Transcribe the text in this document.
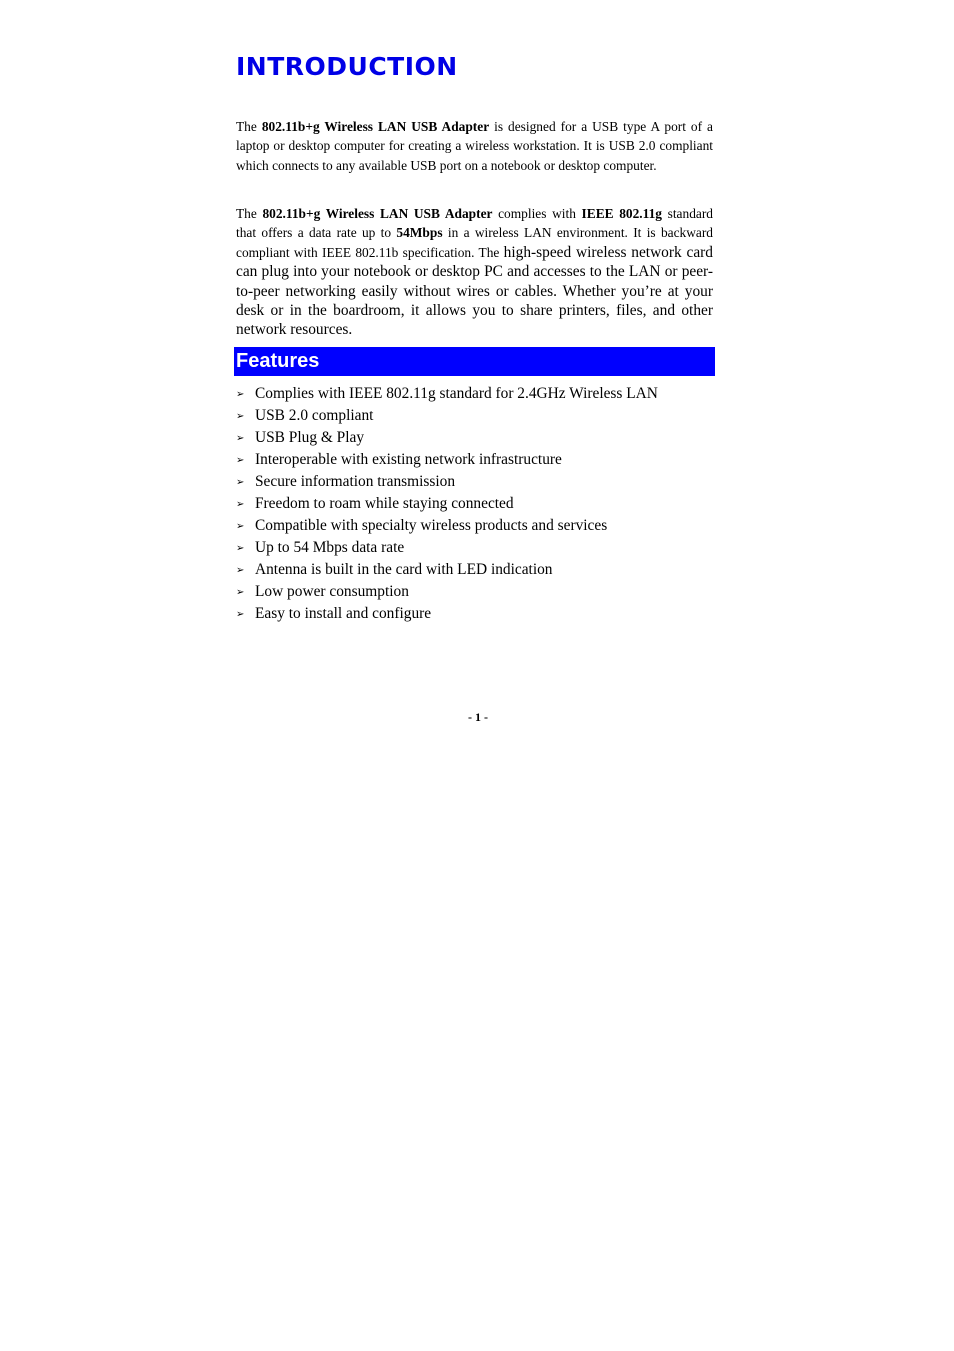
INTRODUCTION

The 802.11b+g Wireless LAN USB Adapter is designed for a USB type A port of a laptop or desktop computer for creating a wireless workstation. It is USB 2.0 compliant which connects to any available USB port on a notebook or desktop computer.

The 802.11b+g Wireless LAN USB Adapter complies with IEEE 802.11g standard that offers a data rate up to 54Mbps in a wireless LAN environment. It is backward compliant with IEEE 802.11b specification. The high-speed wireless network card can plug into your notebook or desktop PC and accesses to the LAN or peer-to-peer networking easily without wires or cables. Whether you’re at your desk or in the boardroom, it allows you to share printers, files, and other network resources.

Features
➢ Complies with IEEE 802.11g standard for 2.4GHz Wireless LAN
➢ USB 2.0 compliant
➢ USB Plug & Play
➢ Interoperable with existing network infrastructure
➢ Secure information transmission
➢ Freedom to roam while staying connected
➢ Compatible with specialty wireless products and services
➢ Up to 54 Mbps data rate
➢ Antenna is built in the card with LED indication
➢ Low power consumption
➢ Easy to install and configure
- 1 -
